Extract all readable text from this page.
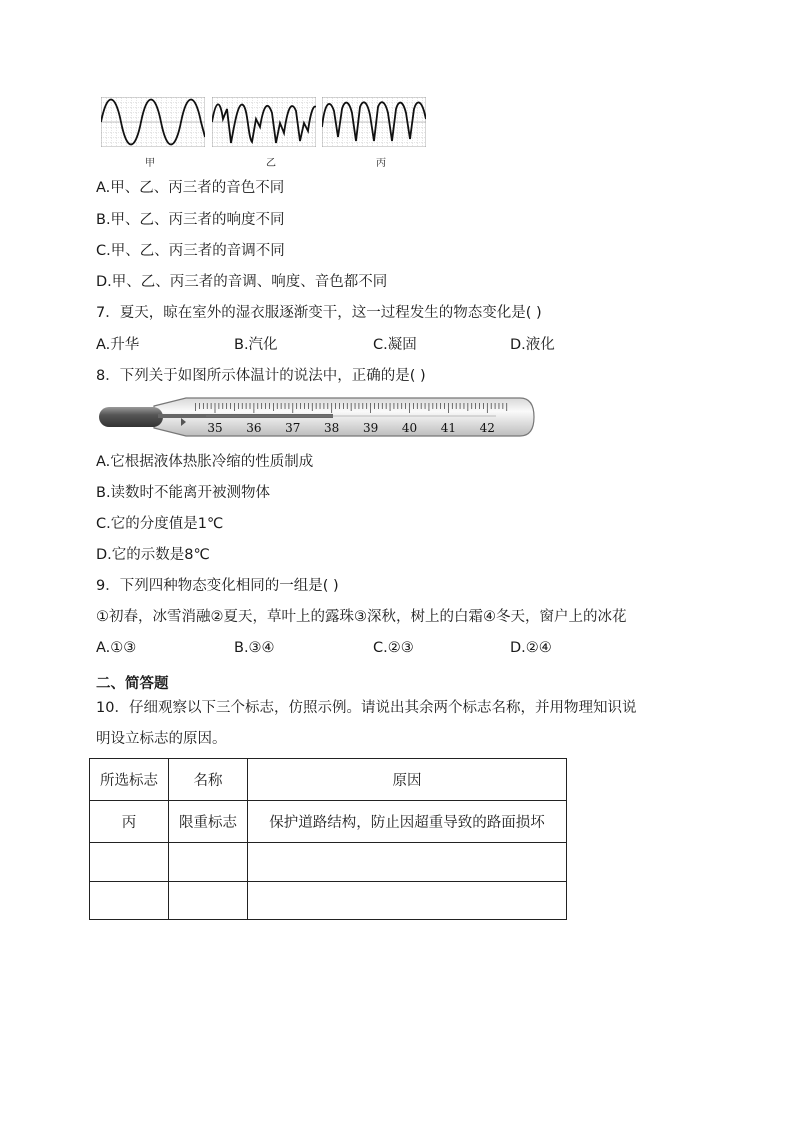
甲	乙	丙
A.甲、乙、丙三者的音色不同
B.甲、乙、丙三者的响度不同
C.甲、乙、丙三者的音调不同
D.甲、乙、丙三者的音调、响度、音色都不同
7．夏天，晾在室外的湿衣服逐渐变干，这一过程发生的物态变化是( )
A.升华	B.汽化	C.凝固	D.液化
8．下列关于如图所示体温计的说法中，正确的是( )
35 36 37 38 39 40 41 42
A.它根据液体热胀冷缩的性质制成
B.读数时不能离开被测物体
C.它的分度值是1℃
D.它的示数是8℃
9．下列四种物态变化相同的一组是( )
①初春，冰雪消融②夏天，草叶上的露珠③深秋，树上的白霜④冬天，窗户上的冰花
A.①③	B.③④	C.②③	D.②④
二、简答题
10．仔细观察以下三个标志，仿照示例。请说出其余两个标志名称，并用物理知识说
明设立标志的原因。
所选标志	名称	原因
丙	限重标志	保护道路结构，防止因超重导致的路面损坏
